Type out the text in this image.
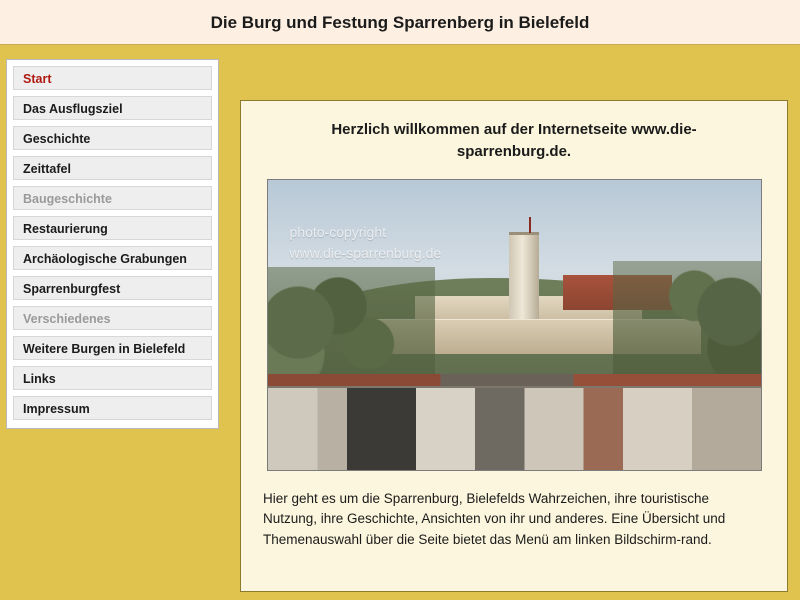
Die Burg und Festung Sparrenberg in Bielefeld
Start
Das Ausflugsziel
Geschichte
Zeittafel
Baugeschichte
Restaurierung
Archäologische Grabungen
Sparrenburgfest
Verschiedenes
Weitere Burgen in Bielefeld
Links
Impressum
Herzlich willkommen auf der Internetseite www.die-sparrenburg.de.
photo-copyright
www.die-sparrenburg.de

Hier geht es um die Sparrenburg, Bielefelds Wahrzeichen, ihre touristische Nutzung, ihre Geschichte, Ansichten von ihr und anderes. Eine Übersicht und Themenauswahl über die Seite bietet das Menü am linken Bildschirm-rand.
